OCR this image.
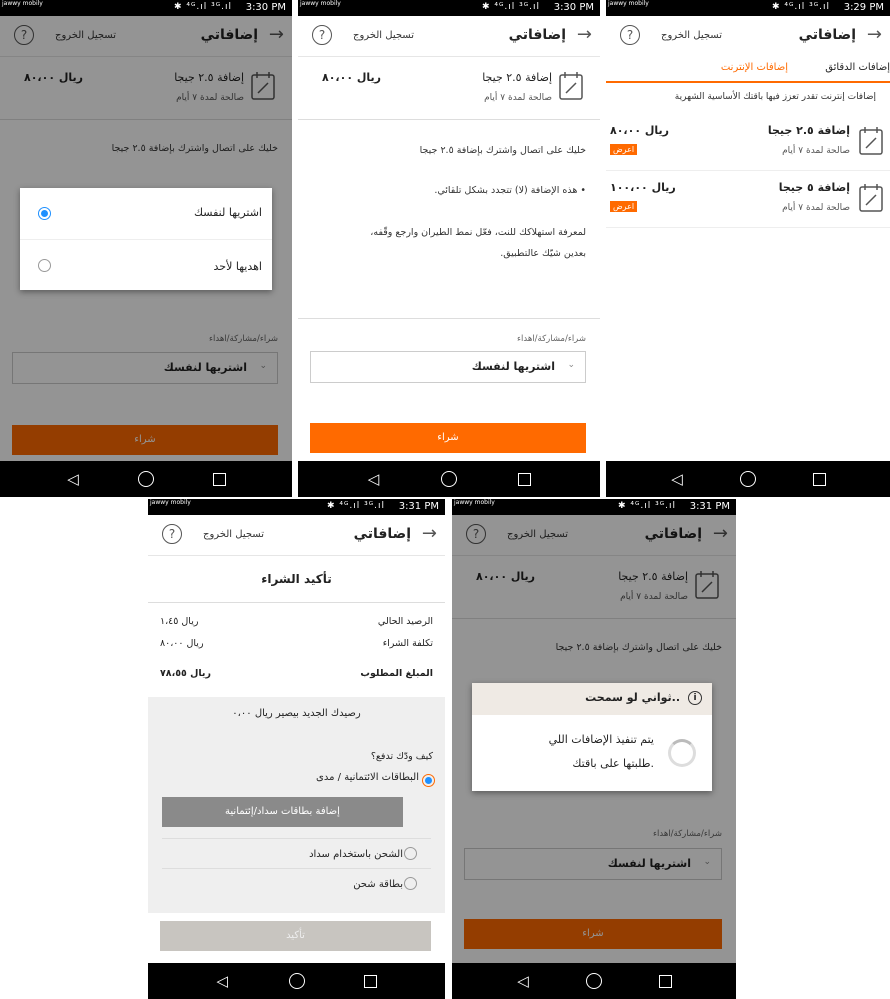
jawwy mobily	✱ ⁴ᴳ.ıl ³ᴳ.ıl 3:30 PM
→
إضافاتي
تسجيل الخروج
?
إضافة ٢.٥ جيجا
صالحة لمدة ٧ أيام
ريال ٨٠،٠٠
خليك على اتصال واشترك بإضافة ٢.٥ جيجا
شراء/مشاركة/اهداء
اشتريها لنفسك ⌄
شراء
◁
اشتريها لنفسك
اهديها لأحد
jawwy mobily	✱ ⁴ᴳ.ıl ³ᴳ.ıl 3:30 PM
→
إضافاتي
تسجيل الخروج
?
إضافة ٢.٥ جيجا
صالحة لمدة ٧ أيام
ريال ٨٠،٠٠
خليك على اتصال واشترك بإضافة ٢.٥ جيجا
• هذه الإضافة (لا) تتجدد بشكل تلقائي.
لمعرفة استهلاكك للنت، فعّل نمط الطيران وارجع وقّفه،
بعدين شيّك عالتطبيق.
شراء/مشاركة/اهداء
اشتريها لنفسك ⌄
شراء
◁
jawwy mobily	✱ ⁴ᴳ.ıl ³ᴳ.ıl 3:29 PM
→
إضافاتي
تسجيل الخروج
?
إضافات الإنترنت	إضافات الدقائق
إضافات إنترنت تقدر تعزز فيها باقتك الأساسية الشهرية
إضافة ٢.٥ جيجا
صالحة لمدة ٧ أيام
ريال ٨٠،٠٠
اعرض
إضافة ٥ جيجا
صالحة لمدة ٧ أيام
ريال ١٠٠،٠٠
اعرض
◁
jawwy mobily	✱ ⁴ᴳ.ıl ³ᴳ.ıl 3:31 PM
→
إضافاتي
تسجيل الخروج
?
تأكيد الشراء
الرصيد الحالي
ريال ١،٤٥
تكلفة الشراء
ريال ٨٠،٠٠
المبلغ المطلوب
ريال ٧٨،٥٥
رصيدك الجديد بيصير ريال ٠،٠٠
كيف ودّك تدفع؟
البطاقات الائتمانية / مدى
إضافة بطاقات سداد/إئتمانية
الشحن باستخدام سداد
بطاقة شحن
تأكيد
◁
jawwy mobily	✱ ⁴ᴳ.ıl ³ᴳ.ıl 3:31 PM
→
إضافاتي
تسجيل الخروج
?
إضافة ٢.٥ جيجا
صالحة لمدة ٧ أيام
ريال ٨٠،٠٠
خليك على اتصال واشترك بإضافة ٢.٥ جيجا
شراء/مشاركة/اهداء
اشتريها لنفسك ⌄
شراء
◁
i
ثواني لو سمحت..
يتم تنفيذ الإضافات اللي
طلبتها على باقتك.
